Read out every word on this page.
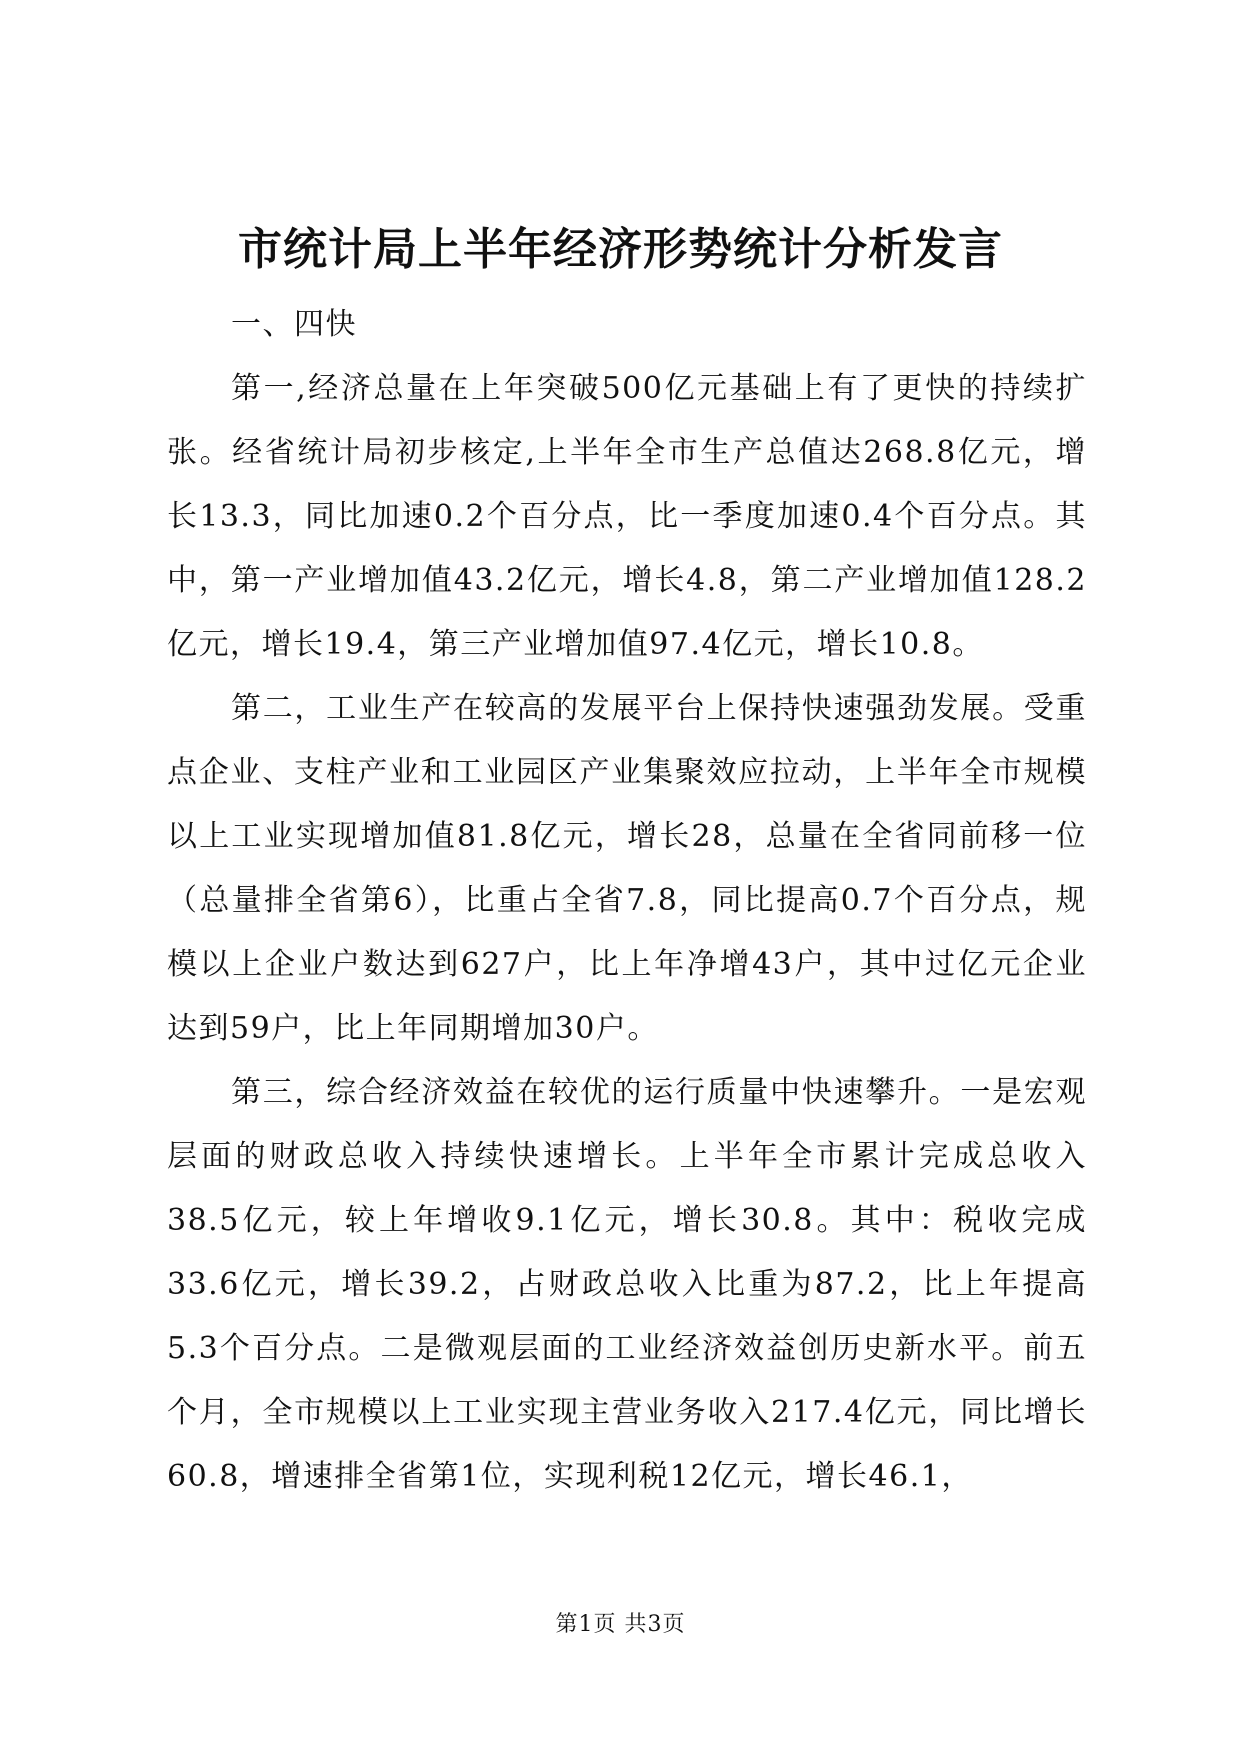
市统计局上半年经济形势统计分析发言

一、四快

第一,经济总量在上年突破500亿元基础上有了更快的持续扩张。经省统计局初步核定,上半年全市生产总值达268.8亿元，增长13.3，同比加速0.2个百分点，比一季度加速0.4个百分点。其中，第一产业增加值43.2亿元，增长4.8，第二产业增加值128.2亿元，增长19.4，第三产业增加值97.4亿元，增长10.8。

第二，工业生产在较高的发展平台上保持快速强劲发展。受重点企业、支柱产业和工业园区产业集聚效应拉动，上半年全市规模以上工业实现增加值81.8亿元，增长28，总量在全省同前移一位（总量排全省第6），比重占全省7.8，同比提高0.7个百分点，规模以上企业户数达到627户，比上年净增43户，其中过亿元企业达到59户，比上年同期增加30户。

第三，综合经济效益在较优的运行质量中快速攀升。一是宏观层面的财政总收入持续快速增长。上半年全市累计完成总收入38.5亿元，较上年增收9.1亿元，增长30.8。其中：税收完成33.6亿元，增长39.2，占财政总收入比重为87.2，比上年提高5.3个百分点。二是微观层面的工业经济效益创历史新水平。前五个月，全市规模以上工业实现主营业务收入217.4亿元，同比增长60.8，增速排全省第1位，实现利税12亿元，增长46.1，

第1页 共3页
